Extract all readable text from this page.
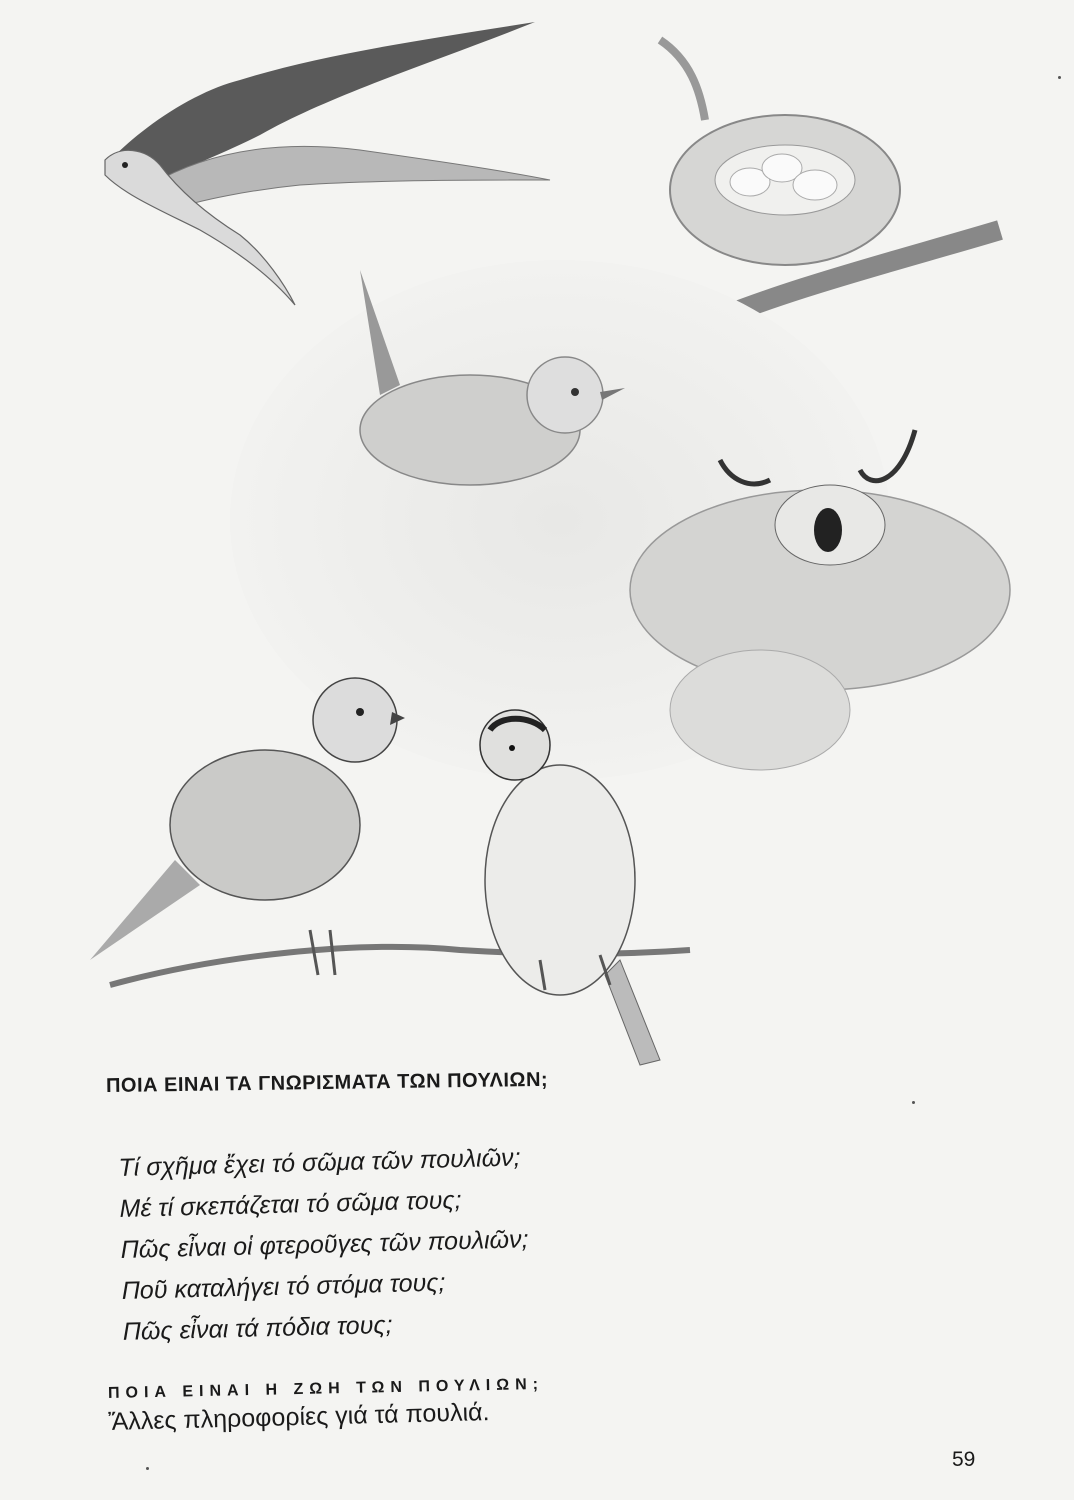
ΠΟΙΑ ΕΙΝΑΙ ΤΑ ΓΝΩΡΙΣΜΑΤΑ ΤΩΝ ΠΟΥΛΙΩΝ;
Τί σχῆμα ἔχει τό σῶμα τῶν πουλιῶν;
Μέ τί σκεπάζεται τό σῶμα τους;
Πῶς εἶναι οἱ φτεροῦγες τῶν πουλιῶν;
Ποῦ καταλήγει τό στόμα τους;
Πῶς εἶναι τά πόδια τους;
ΠΟΙΑ ΕΙΝΑΙ Η ΖΩΗ ΤΩΝ ΠΟΥΛΙΩΝ;
Ἄλλες πληροφορίες γιά τά πουλιά.
59
